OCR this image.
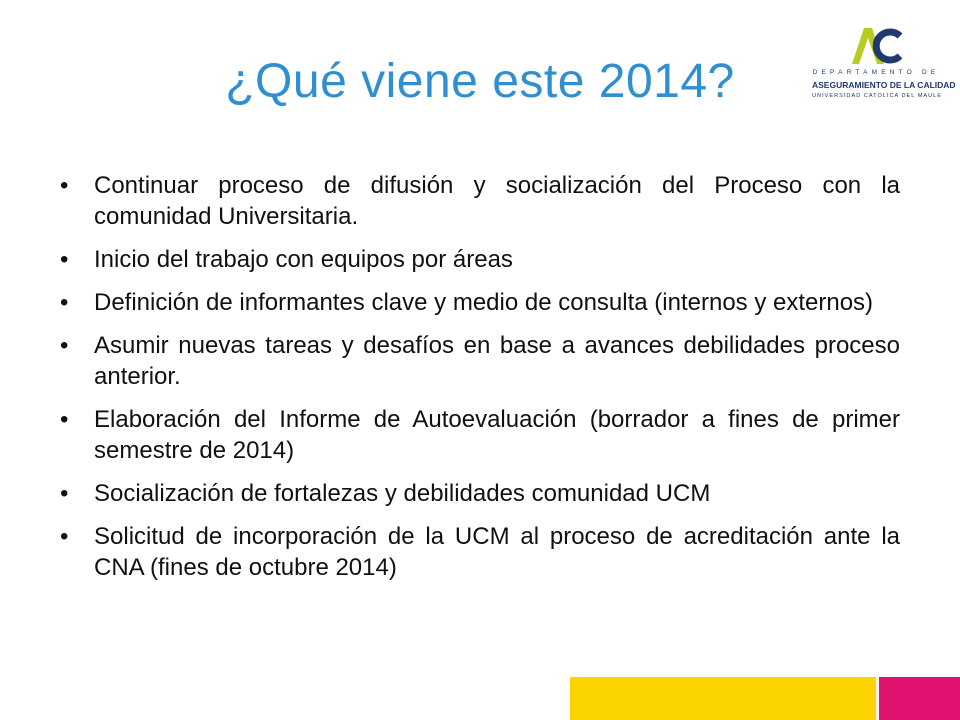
¿Qué viene este 2014?	DEPARTAMENTO DE
ASEGURAMIENTO DE LA CALIDAD
UNIVERSIDAD CATOLICA DEL MAULE
• Continuar proceso de difusión y socialización del Proceso con la comunidad Universitaria.
• Inicio del trabajo con equipos por áreas
• Definición de informantes clave y medio de consulta (internos y externos)
• Asumir nuevas tareas y desafíos en base a avances debilidades proceso anterior.
• Elaboración del Informe de Autoevaluación (borrador a fines de primer semestre de 2014)
• Socialización de fortalezas y debilidades comunidad UCM
• Solicitud de incorporación de la UCM al proceso de acreditación ante la CNA (fines de octubre 2014)
